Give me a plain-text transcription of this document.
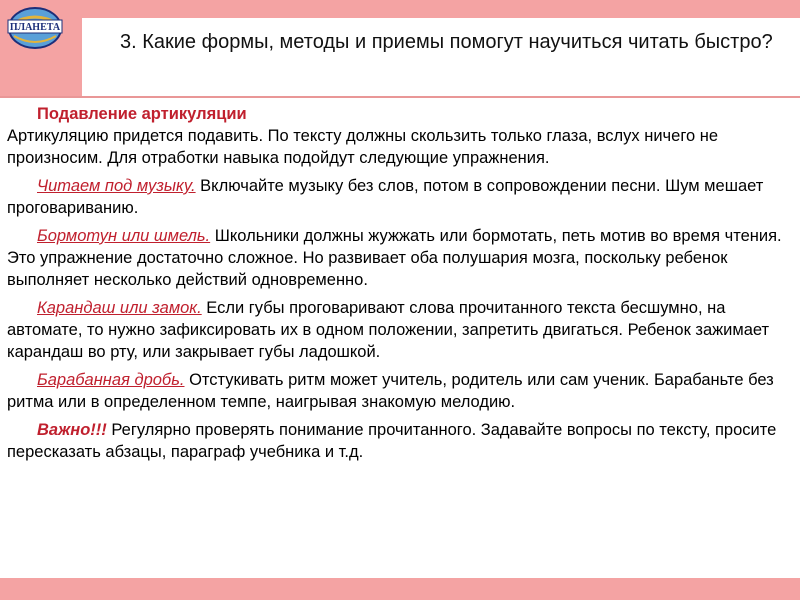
ПЛАНЕТА
3. Какие формы, методы и приемы помогут научиться читать быстро?

Подавление артикуляции
Артикуляцию придется подавить. По тексту должны скользить только глаза, вслух ничего не произносим. Для отработки навыка подойдут следующие упражнения.

Читаем под музыку. Включайте музыку без слов, потом в сопровождении песни. Шум мешает проговариванию.

Бормотун или шмель. Школьники должны жужжать или бормотать, петь мотив во время чтения. Это упражнение достаточно сложное. Но развивает оба полушария мозга, поскольку ребенок выполняет несколько действий одновременно.

Карандаш или замок. Если губы проговаривают слова прочитанного текста бесшумно, на автомате, то нужно зафиксировать их в одном положении, запретить двигаться. Ребенок зажимает карандаш во рту, или закрывает губы ладошкой.

Барабанная дробь. Отстукивать ритм может учитель, родитель или сам ученик. Барабаньте без ритма или в определенном темпе, наигрывая знакомую мелодию.

Важно!!! Регулярно проверять понимание прочитанного. Задавайте вопросы по тексту, просите пересказать абзацы, параграф учебника и т.д.
